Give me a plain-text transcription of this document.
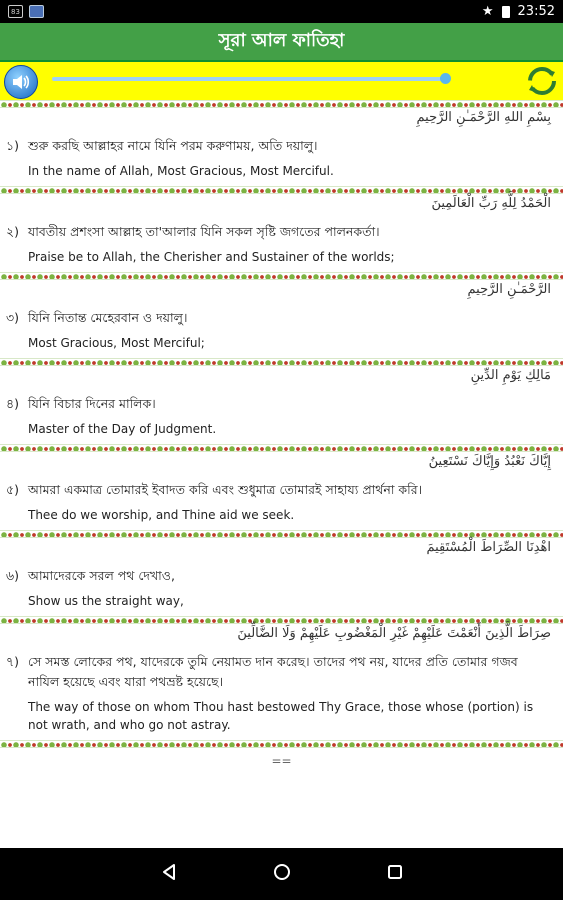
83	★ 23:52
সূরা আল ফাতিহা
بِسْمِ اللهِ الرَّحْمَـٰنِ الرَّحِيمِ
১) শুরু করছি আল্লাহর নামে যিনি পরম করুণাময়, অতি দয়ালু।
In the name of Allah, Most Gracious, Most Merciful.
الْحَمْدُ لِلَّهِ رَبِّ الْعَالَمِينَ
২) যাবতীয় প্রশংসা আল্লাহ তা'আলার যিনি সকল সৃষ্টি জগতের পালনকর্তা।
Praise be to Allah, the Cherisher and Sustainer of the worlds;
الرَّحْمَـٰنِ الرَّحِيمِ
৩) যিনি নিতান্ত মেহেরবান ও দয়ালু।
Most Gracious, Most Merciful;
مَالِكِ يَوْمِ الدِّينِ
৪) যিনি বিচার দিনের মালিক।
Master of the Day of Judgment.
إِيَّاكَ نَعْبُدُ وَإِيَّاكَ نَسْتَعِينُ
৫) আমরা একমাত্র তোমারই ইবাদত করি এবং শুধুমাত্র তোমারই সাহায্য প্রার্থনা করি।
Thee do we worship, and Thine aid we seek.
اهْدِنَا الصِّرَاطَ الْمُسْتَقِيمَ
৬) আমাদেরকে সরল পথ দেখাও,
Show us the straight way,
صِرَاطَ الَّذِينَ أَنْعَمْتَ عَلَيْهِمْ غَيْرِ الْمَغْضُوبِ عَلَيْهِمْ وَلَا الضَّالِّينَ
৭) সে সমস্ত লোকের পথ, যাদেরকে তুমি নেয়ামত দান করেছ। তাদের পথ নয়, যাদের প্রতি তোমার গজব নাযিল হয়েছে এবং যারা পথভ্রষ্ট হয়েছে।
The way of those on whom Thou hast bestowed Thy Grace, those whose (portion) is not wrath, and who go not astray.
==
